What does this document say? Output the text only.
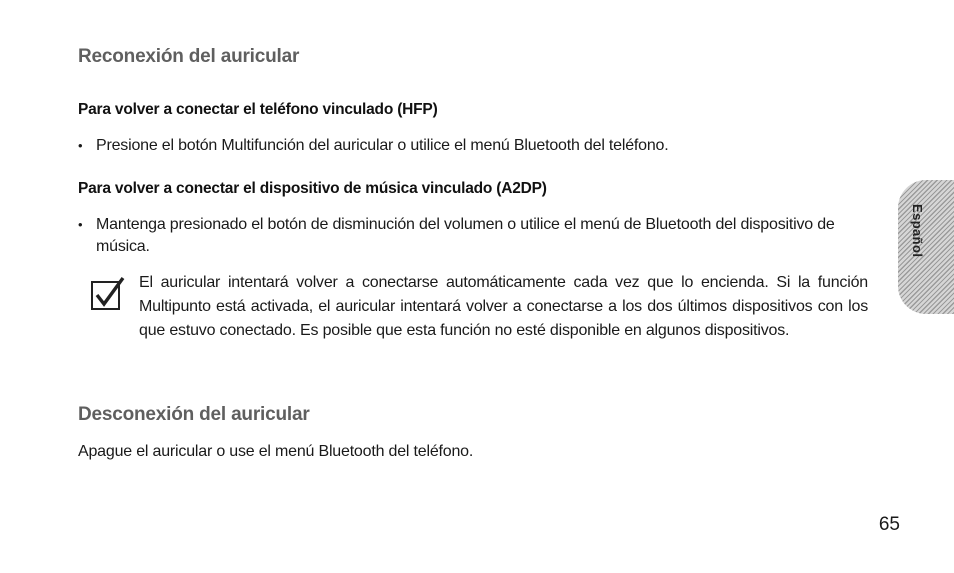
Reconexión del auricular
Para volver a conectar el teléfono vinculado (HFP)
• Presione el botón Multifunción del auricular o utilice el menú Bluetooth del teléfono.
Para volver a conectar el dispositivo de música vinculado (A2DP)
• Mantenga presionado el botón de disminución del volumen o utilice el menú de Bluetooth del dispositivo de música.
El auricular intentará volver a conectarse automáticamente cada vez que lo encienda. Si la función Multipunto está activada, el auricular intentará volver a conectarse a los dos últimos dispositivos con los que estuvo conectado. Es posible que esta función no esté disponible en algunos dispositivos.
Desconexión del auricular
Apague el auricular o use el menú Bluetooth del teléfono.
65
Español
